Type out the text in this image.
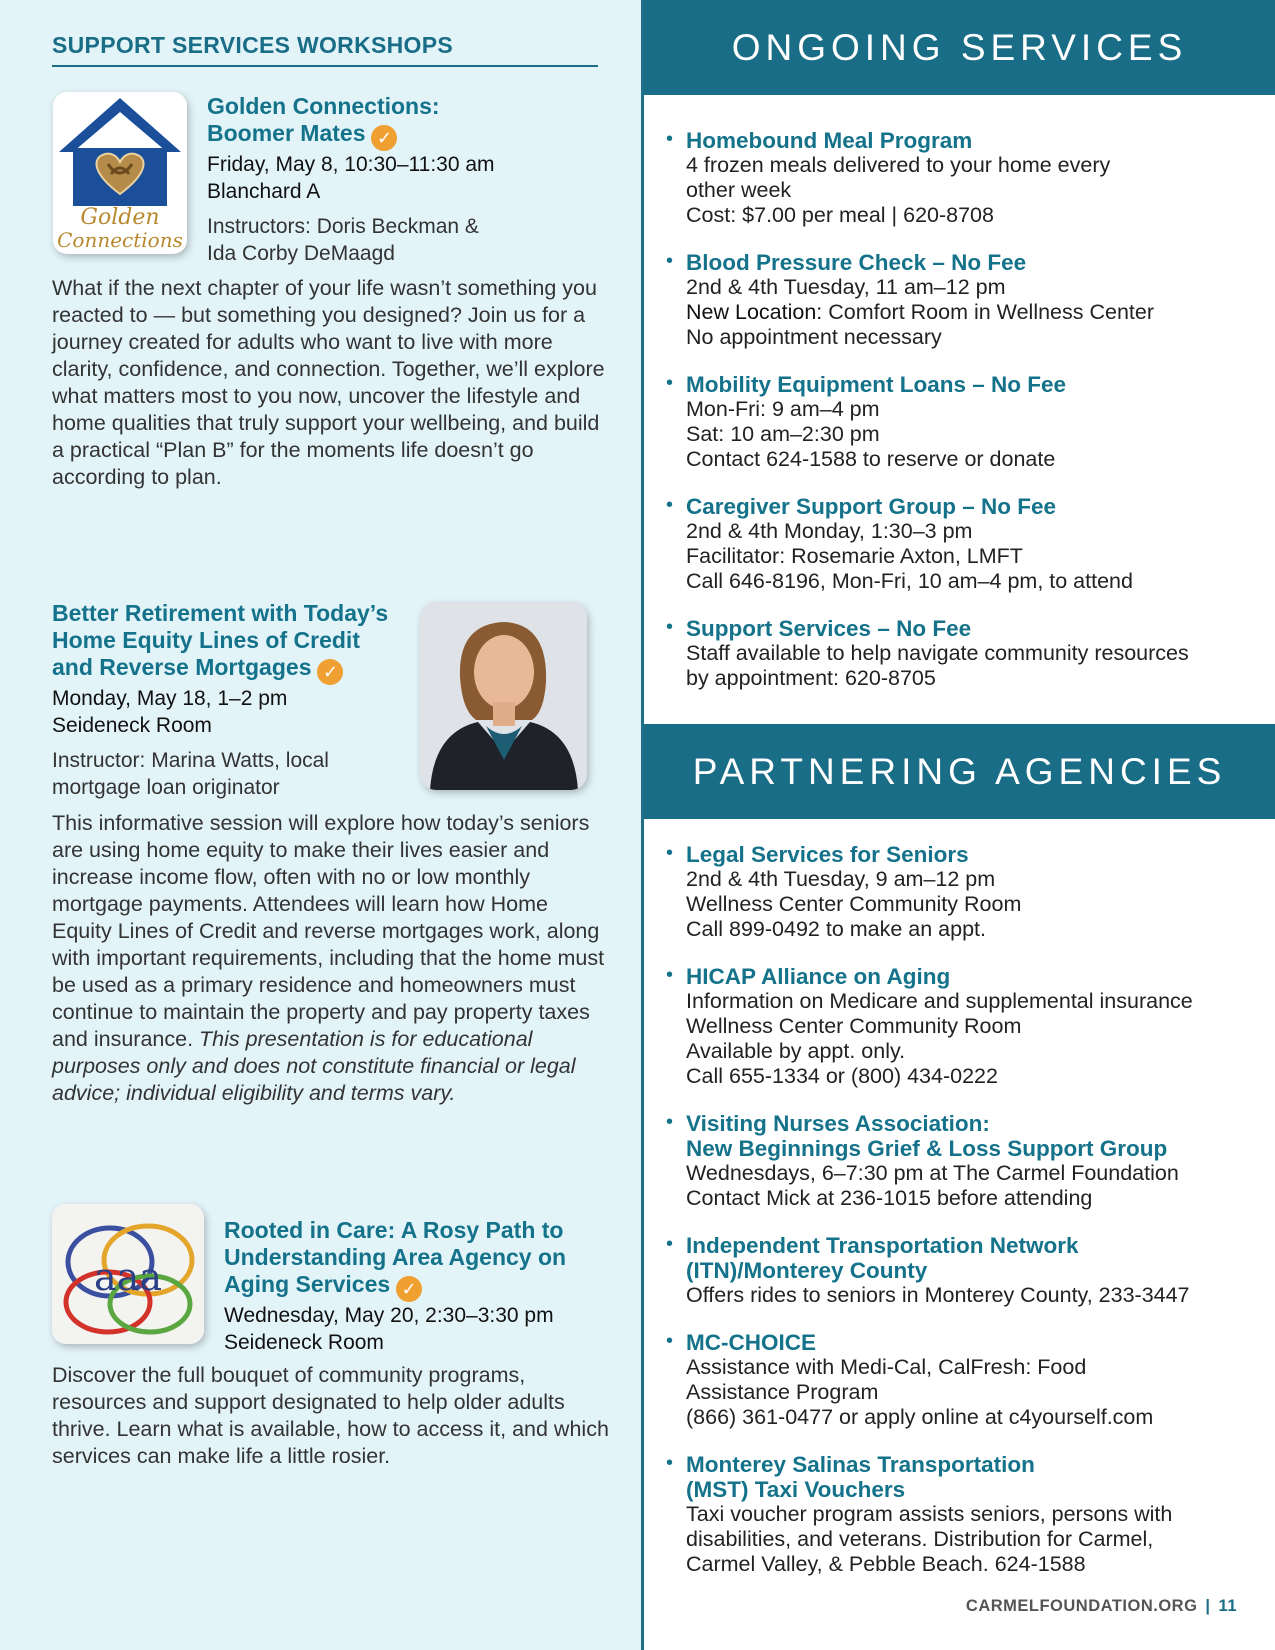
SUPPORT SERVICES WORKSHOPS
Golden
Connections
Golden Connections:
Boomer Mates ✓
Friday, May 8, 10:30–11:30 am
Blanchard A
Instructors: Doris Beckman &
Ida Corby DeMaagd
What if the next chapter of your life wasn’t something you reacted to — but something you designed? Join us for a journey created for adults who want to live with more clarity, confidence, and connection. Together, we’ll explore what matters most to you now, uncover the lifestyle and home qualities that truly support your wellbeing, and build a practical “Plan B” for the moments life doesn’t go according to plan.
Better Retirement with Today’s
Home Equity Lines of Credit
and Reverse Mortgages ✓
Monday, May 18, 1–2 pm
Seideneck Room
Instructor: Marina Watts, local
mortgage loan originator
This informative session will explore how today’s seniors are using home equity to make their lives easier and increase income flow, often with no or low monthly mortgage payments. Attendees will learn how Home Equity Lines of Credit and reverse mortgages work, along with important requirements, including that the home must be used as a primary residence and homeowners must continue to maintain the property and pay property taxes and insurance. This presentation is for educational purposes only and does not constitute financial or legal advice; individual eligibility and terms vary.
aaa
Rooted in Care: A Rosy Path to
Understanding Area Agency on
Aging Services ✓
Wednesday, May 20, 2:30–3:30 pm
Seideneck Room
Discover the full bouquet of community programs, resources and support designated to help older adults thrive. Learn what is available, how to access it, and which services can make life a little rosier.
ONGOING SERVICES
• Homebound Meal Program
4 frozen meals delivered to your home every
other week
Cost: $7.00 per meal | 620-8708
• Blood Pressure Check – No Fee
2nd & 4th Tuesday, 11 am–12 pm
New Location: Comfort Room in Wellness Center
No appointment necessary
• Mobility Equipment Loans – No Fee
Mon-Fri: 9 am–4 pm
Sat: 10 am–2:30 pm
Contact 624-1588 to reserve or donate
• Caregiver Support Group – No Fee
2nd & 4th Monday, 1:30–3 pm
Facilitator: Rosemarie Axton, LMFT
Call 646-8196, Mon-Fri, 10 am–4 pm, to attend
• Support Services – No Fee
Staff available to help navigate community resources
by appointment: 620-8705
PARTNERING AGENCIES
• Legal Services for Seniors
2nd & 4th Tuesday, 9 am–12 pm
Wellness Center Community Room
Call 899-0492 to make an appt.
• HICAP Alliance on Aging
Information on Medicare and supplemental insurance
Wellness Center Community Room
Available by appt. only.
Call 655-1334 or (800) 434-0222
• Visiting Nurses Association:
New Beginnings Grief & Loss Support Group
Wednesdays, 6–7:30 pm at The Carmel Foundation
Contact Mick at 236-1015 before attending
• Independent Transportation Network
(ITN)/Monterey County
Offers rides to seniors in Monterey County, 233-3447
• MC-CHOICE
Assistance with Medi-Cal, CalFresh: Food
Assistance Program
(866) 361-0477 or apply online at c4yourself.com
• Monterey Salinas Transportation
(MST) Taxi Vouchers
Taxi voucher program assists seniors, persons with
disabilities, and veterans. Distribution for Carmel,
Carmel Valley, & Pebble Beach. 624-1588
CARMELFOUNDATION.ORG | 11
